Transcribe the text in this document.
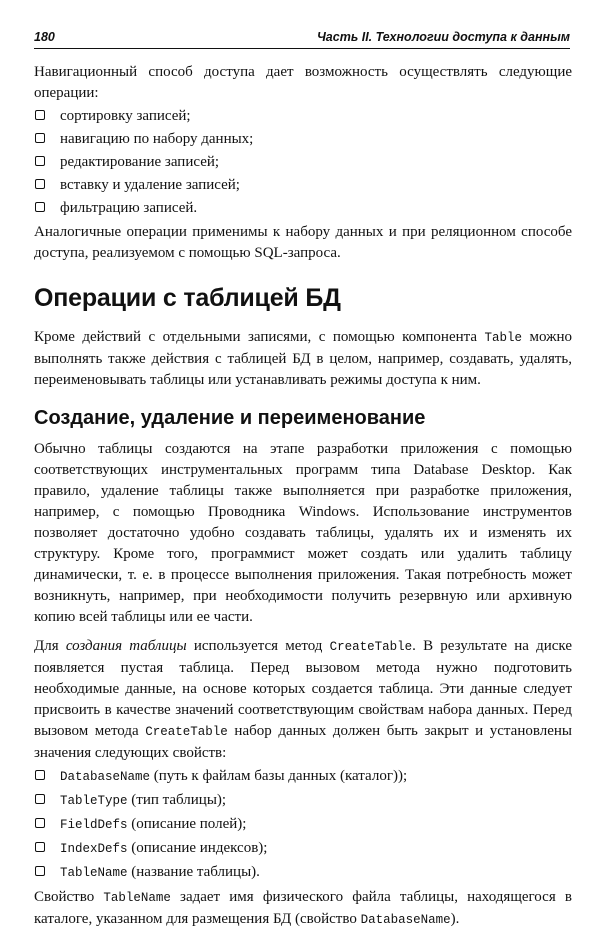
180	Часть II. Технологии доступа к данным

Навигационный способ доступа дает возможность осуществлять следующие операции:

сортировку записей;
навигацию по набору данных;
редактирование записей;
вставку и удаление записей;
фильтрацию записей.

Аналогичные операции применимы к набору данных и при реляционном способе доступа, реализуемом с помощью SQL-запроса.

Операции с таблицей БД

Кроме действий с отдельными записями, с помощью компонента Table можно выполнять также действия с таблицей БД в целом, например, создавать, удалять, переименовывать таблицы или устанавливать режимы доступа к ним.

Создание, удаление и переименование

Обычно таблицы создаются на этапе разработки приложения с помощью соответствующих инструментальных программ типа Database Desktop. Как правило, удаление таблицы также выполняется при разработке приложения, например, с помощью Проводника Windows. Использование инструментов позволяет достаточно удобно создавать таблицы, удалять их и изменять их структуру. Кроме того, программист может создать или удалить таблицу динамически, т. е. в процессе выполнения приложения. Такая потребность может возникнуть, например, при необходимости получить резервную или архивную копию всей таблицы или ее части.

Для создания таблицы используется метод CreateTable. В результате на диске появляется пустая таблица. Перед вызовом метода нужно подготовить необходимые данные, на основе которых создается таблица. Эти данные следует присвоить в качестве значений соответствующим свойствам набора данных. Перед вызовом метода CreateTable набор данных должен быть закрыт и установлены значения следующих свойств:

DatabaseName (путь к файлам базы данных (каталог));
TableType (тип таблицы);
FieldDefs (описание полей);
IndexDefs (описание индексов);
TableName (название таблицы).

Свойство TableName задает имя физического файла таблицы, находящегося в каталоге, указанном для размещения БД (свойство DatabaseName).
